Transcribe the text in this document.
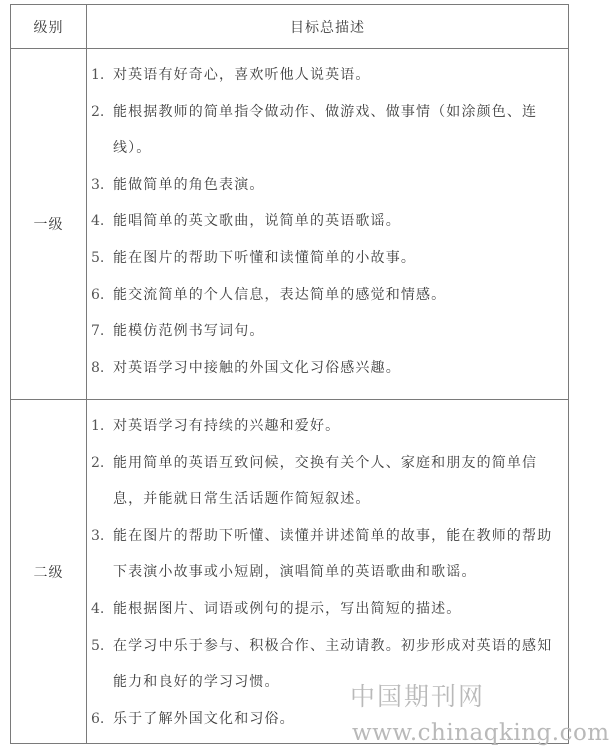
级别	目标总描述
一级
1. 对英语有好奇心，喜欢听他人说英语。
2. 能根据教师的简单指令做动作、做游戏、做事情（如涂颜色、连线）。
3. 能做简单的角色表演。
4. 能唱简单的英文歌曲，说简单的英语歌谣。
5. 能在图片的帮助下听懂和读懂简单的小故事。
6. 能交流简单的个人信息，表达简单的感觉和情感。
7. 能模仿范例书写词句。
8. 对英语学习中接触的外国文化习俗感兴趣。
二级
1. 对英语学习有持续的兴趣和爱好。
2. 能用简单的英语互致问候，交换有关个人、家庭和朋友的简单信息，并能就日常生活话题作简短叙述。
3. 能在图片的帮助下听懂、读懂并讲述简单的故事，能在教师的帮助下表演小故事或小短剧，演唱简单的英语歌曲和歌谣。
4. 能根据图片、词语或例句的提示，写出简短的描述。
5. 在学习中乐于参与、积极合作、主动请教。初步形成对英语的感知能力和良好的学习习惯。
6. 乐于了解外国文化和习俗。
中国期刊网
www.chinaqking.com
